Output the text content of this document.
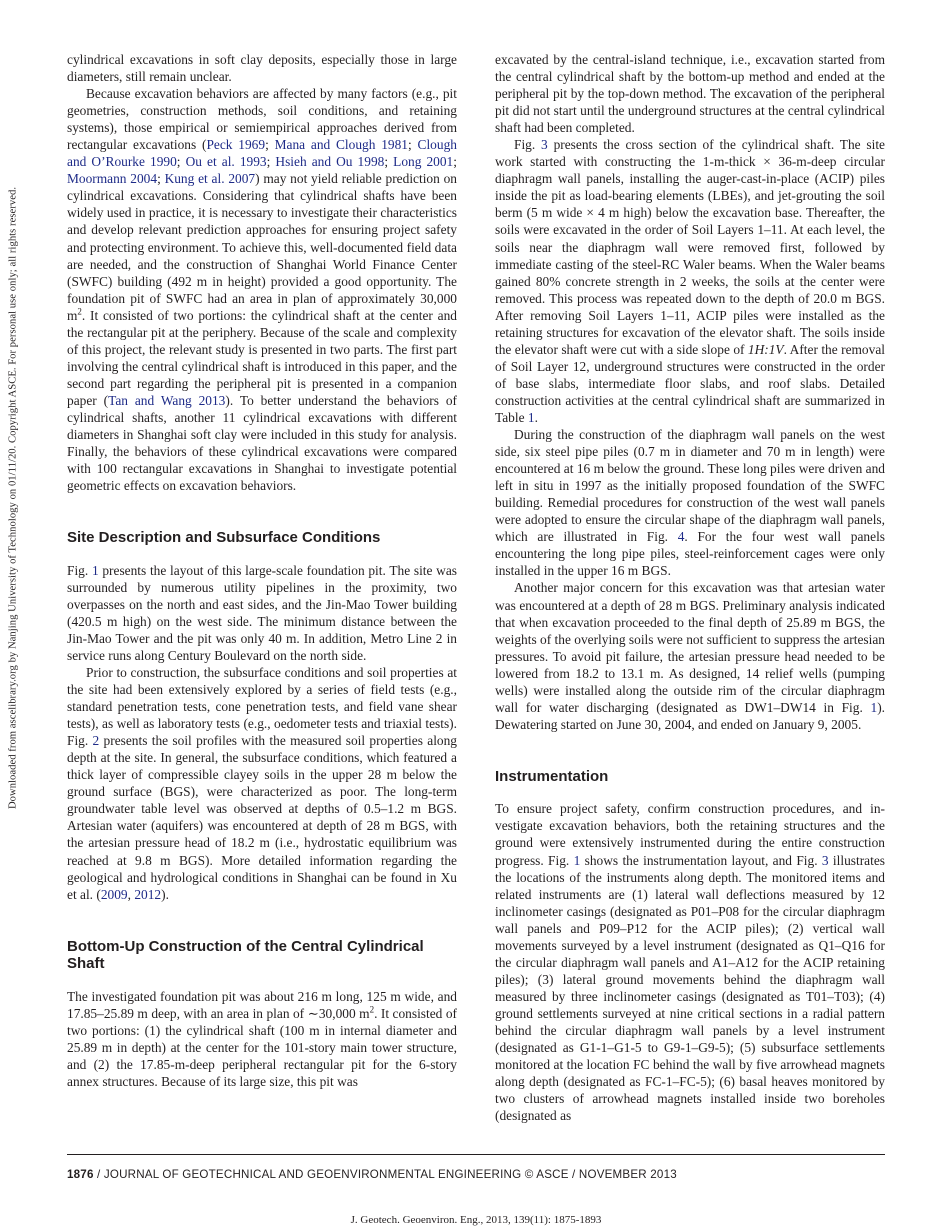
Downloaded from ascelibrary.org by Nanjing University of Technology on 01/11/20. Copyright ASCE. For personal use only; all rights reserved.

cylindrical excavations in soft clay deposits, especially those in large diameters, still remain unclear.

Because excavation behaviors are affected by many factors (e.g., pit geometries, construction methods, soil conditions, and retaining systems), those empirical or semiempirical approaches derived from rectangular excavations (Peck 1969; Mana and Clough 1981; Clough and O’Rourke 1990; Ou et al. 1993; Hsieh and Ou 1998; Long 2001; Moormann 2004; Kung et al. 2007) may not yield reliable prediction on cylindrical excavations. Considering that cylindrical shafts have been widely used in practice, it is necessary to investigate their characteristics and develop relevant prediction approaches for ensuring project safety and protecting environment. To achieve this, well-documented field data are needed, and the construction of Shanghai World Finance Center (SWFC) building (492 m in height) provided a good opportunity. The foundation pit of SWFC had an area in plan of approximately 30,000 $m^2$. It consisted of two portions: the cylindrical shaft at the center and the rectangular pit at the periphery. Because of the scale and complexity of this project, the relevant study is presented in two parts. The first part involving the central cylindrical shaft is introduced in this paper, and the second part regarding the peripheral pit is presented in a companion paper (Tan and Wang 2013). To better understand the behaviors of cylindrical shafts, another 11 cylindrical excavations with different diameters in Shanghai soft clay were included in this study for analysis. Finally, the behaviors of these cylindrical excavations were compared with 100 rectangular excavations in Shanghai to investigate potential geometric effects on excavation behaviors.

Site Description and Subsurface Conditions

Fig. 1 presents the layout of this large-scale foundation pit. The site was surrounded by numerous utility pipelines in the proximity, two overpasses on the north and east sides, and the Jin-Mao Tower building (420.5 m high) on the west side. The minimum distance between the Jin-Mao Tower and the pit was only 40 m. In addition, Metro Line 2 in service runs along Century Boulevard on the north side.

Prior to construction, the subsurface conditions and soil properties at the site had been extensively explored by a series of field tests (e.g., standard penetration tests, cone penetration tests, and field vane shear tests), as well as laboratory tests (e.g., oedometer tests and triaxial tests). Fig. 2 presents the soil profiles with the measured soil properties along depth at the site. In general, the subsurface conditions, which featured a thick layer of compressible clayey soils in the upper 28 m below the ground surface (BGS), were characterized as poor. The long-term groundwater table level was observed at depths of 0.5–1.2 m BGS. Artesian water (aquifers) was encountered at depth of 28 m BGS, with the artesian pressure head of 18.2 m (i.e., hydrostatic equilibrium was reached at 9.8 m BGS). More detailed information regarding the geological and hydrological conditions in Shanghai can be found in Xu et al. (2009, 2012).

Bottom-Up Construction of the Central Cylindrical Shaft

The investigated foundation pit was about 216 m long, 125 m wide, and 17.85–25.89 m deep, with an area in plan of ∼30,000 $m^2$. It consisted of two portions: (1) the cylindrical shaft (100 m in internal diameter and 25.89 m in depth) at the center for the 101-story main tower structure, and (2) the 17.85-m-deep peripheral rectangular pit for the 6-story annex structures. Because of its large size, this pit was

excavated by the central-island technique, i.e., excavation started from the central cylindrical shaft by the bottom-up method and ended at the peripheral pit by the top-down method. The excavation of the peripheral pit did not start until the underground structures at the central cylindrical shaft had been completed.

Fig. 3 presents the cross section of the cylindrical shaft. The site work started with constructing the 1-m-thick × 36-m-deep circular diaphragm wall panels, installing the auger-cast-in-place (ACIP) piles inside the pit as load-bearing elements (LBEs), and jet-grouting the soil berm (5 m wide × 4 m high) below the excavation base. Thereafter, the soils were excavated in the order of Soil Layers 1–11. At each level, the soils near the diaphragm wall were removed first, followed by immediate casting of the steel-RC Waler beams. When the Waler beams gained 80% concrete strength in 2 weeks, the soils at the center were removed. This process was repeated down to the depth of 20.0 m BGS. After removing Soil Layers 1–11, ACIP piles were installed as the retaining structures for excavation of the elevator shaft. The soils inside the elevator shaft were cut with a side slope of 1H:1V. After the removal of Soil Layer 12, underground structures were constructed in the order of base slabs, intermediate floor slabs, and roof slabs. Detailed construction activities at the central cylindrical shaft are summarized in Table 1.

During the construction of the diaphragm wall panels on the west side, six steel pipe piles (0.7 m in diameter and 70 m in length) were encountered at 16 m below the ground. These long piles were driven and left in situ in 1997 as the initially proposed foundation of the SWFC building. Remedial procedures for construction of the west wall panels were adopted to ensure the circular shape of the diaphragm wall panels, which are illustrated in Fig. 4. For the four west wall panels encountering the long pipe piles, steel-reinforcement cages were only installed in the upper 16 m BGS.

Another major concern for this excavation was that artesian water was encountered at a depth of 28 m BGS. Preliminary analysis indicated that when excavation proceeded to the final depth of 25.89 m BGS, the weights of the overlying soils were not sufficient to suppress the artesian pressures. To avoid pit failure, the artesian pressure head needed to be lowered from 18.2 to 13.1 m. As designed, 14 relief wells (pumping wells) were installed along the outside rim of the circular diaphragm wall for water discharging (designated as DW1–DW14 in Fig. 1). Dewatering started on June 30, 2004, and ended on January 9, 2005.

Instrumentation

To ensure project safety, confirm construction procedures, and investigate excavation behaviors, both the retaining structures and the ground were extensively instrumented during the entire construction progress. Fig. 1 shows the instrumentation layout, and Fig. 3 illustrates the locations of the instruments along depth. The monitored items and related instruments are (1) lateral wall deflections measured by 12 inclinometer casings (designated as P01–P08 for the circular diaphragm wall panels and P09–P12 for the ACIP piles); (2) vertical wall movements surveyed by a level instrument (designated as Q1–Q16 for the circular diaphragm wall panels and A1–A12 for the ACIP retaining piles); (3) lateral ground movements behind the diaphragm wall measured by three inclinometer casings (designated as T01–T03); (4) ground settlements surveyed at nine critical sections in a radial pattern behind the circular diaphragm wall panels by a level instrument (designated as G1-1–G1-5 to G9-1–G9-5); (5) subsurface settlements monitored at the location FC behind the wall by five arrowhead magnets along depth (designated as FC-1–FC-5); (6) basal heaves monitored by two clusters of arrowhead magnets installed inside two boreholes (designated as

1876 / JOURNAL OF GEOTECHNICAL AND GEOENVIRONMENTAL ENGINEERING © ASCE / NOVEMBER 2013
J. Geotech. Geoenviron. Eng., 2013, 139(11): 1875-1893
